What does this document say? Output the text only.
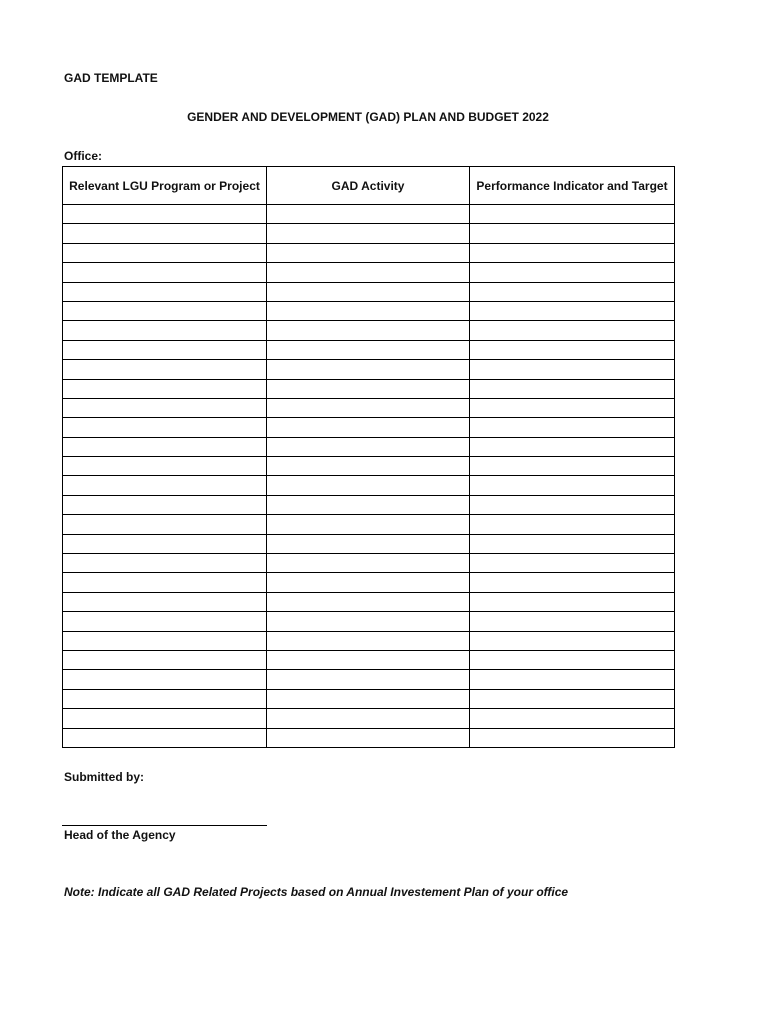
GAD TEMPLATE
GENDER AND DEVELOPMENT (GAD) PLAN AND BUDGET 2022
Office:
Relevant LGU Program or Project	GAD Activity	Performance Indicator and Target

Submitted by:
Head of the Agency
Note: Indicate all GAD Related Projects based on Annual Investement Plan of your office
